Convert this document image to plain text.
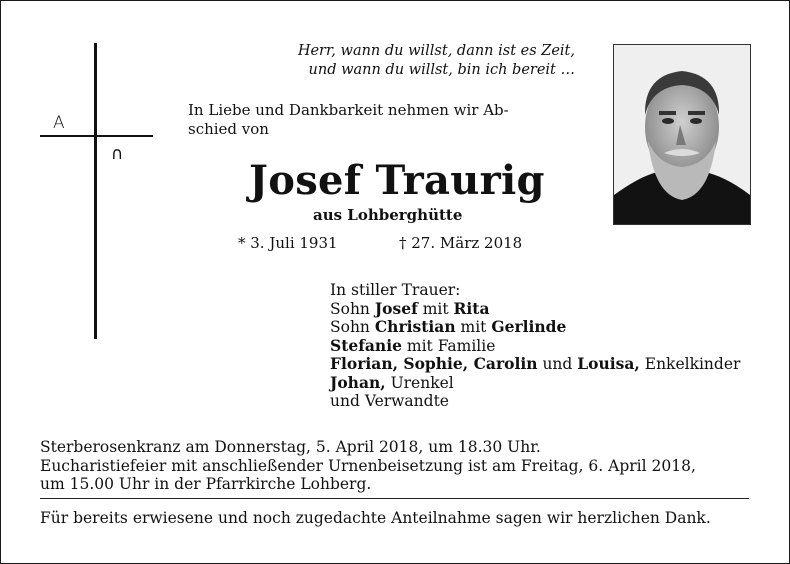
A
∩
Herr, wann du willst, dann ist es Zeit,
und wann du willst, bin ich bereit …
In Liebe und Dankbarkeit nehmen wir Ab-
schied von
Josef Traurig
aus Lohberghütte
* 3. Juli 1931	† 27. März 2018
In stiller Trauer:
Sohn Josef mit Rita
Sohn Christian mit Gerlinde
Stefanie mit Familie
Florian, Sophie, Carolin und Louisa, Enkelkinder
Johan, Urenkel
und Verwandte
Sterberosenkranz am Donnerstag, 5. April 2018, um 18.30 Uhr.
Eucharistiefeier mit anschließender Urnenbeisetzung ist am Freitag, 6. April 2018,
um 15.00 Uhr in der Pfarrkirche Lohberg.
Für bereits erwiesene und noch zugedachte Anteilnahme sagen wir herzlichen Dank.
